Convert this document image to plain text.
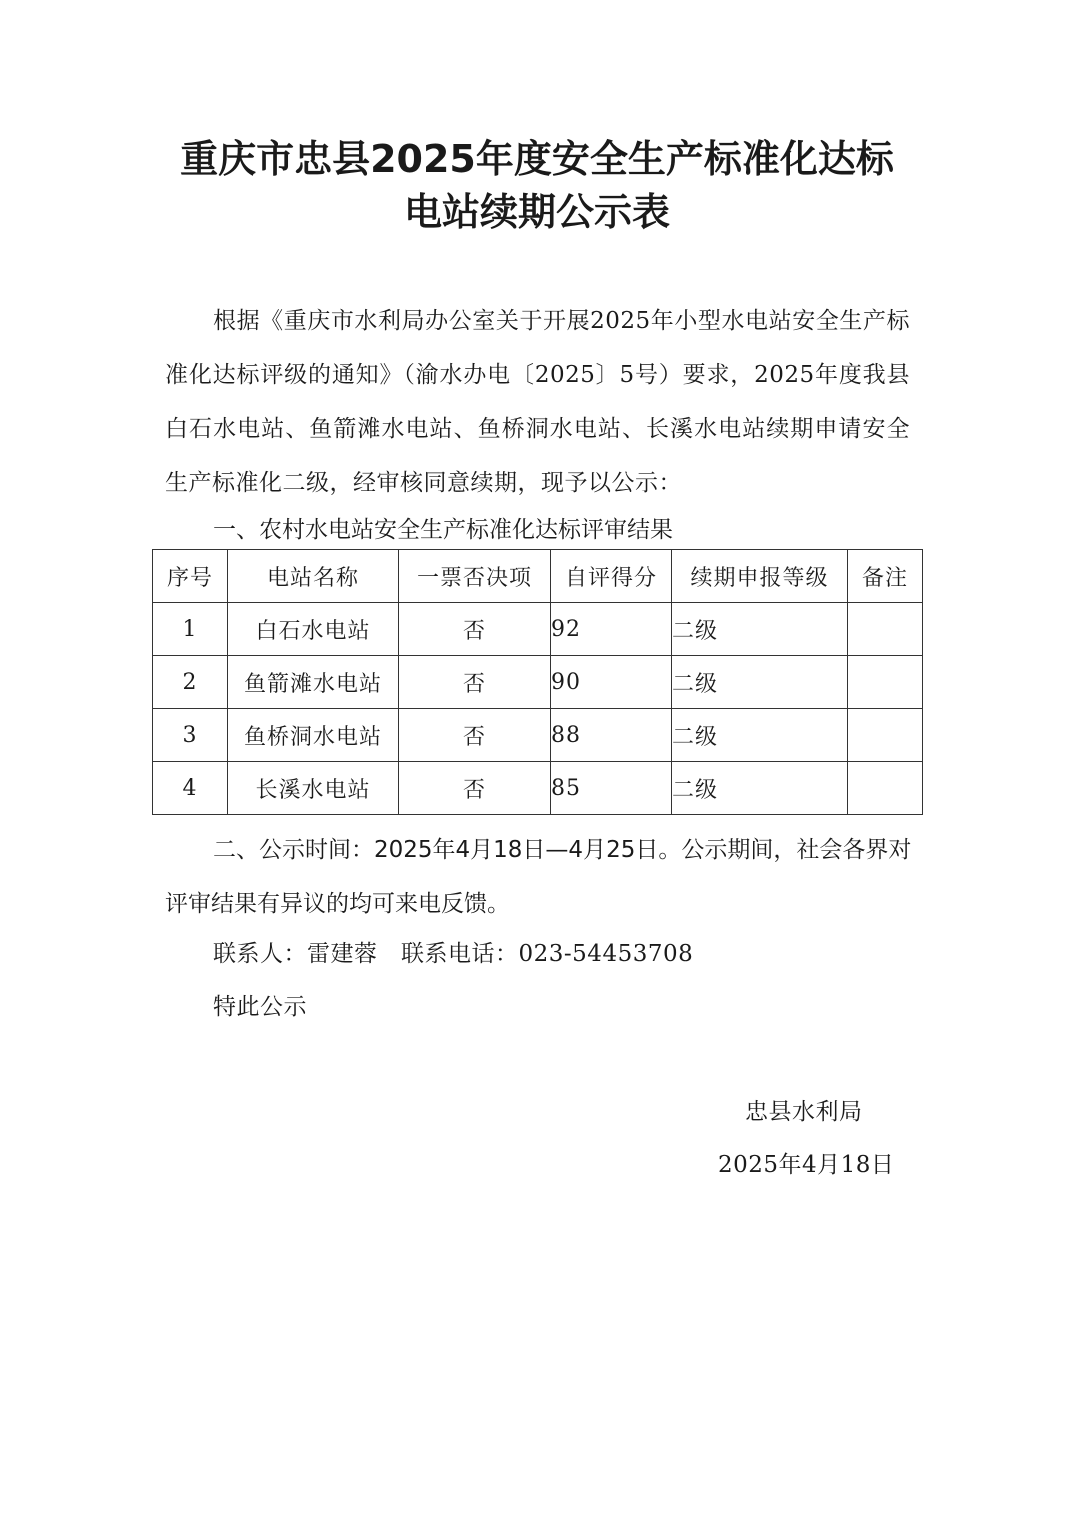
重庆市忠县2025年度安全生产标准化达标
电站续期公示表

根据《重庆市水利局办公室关于开展2025年小型水电站安全生产标准化达标评级的通知》（渝水办电〔2025〕5号）要求，2025年度我县白石水电站、鱼箭滩水电站、鱼桥洞水电站、长溪水电站续期申请安全生产标准化二级，经审核同意续期，现予以公示：

一、农村水电站安全生产标准化达标评审结果

序号	电站名称	一票否决项	自评得分	续期申报等级	备注
1	白石水电站	否	92	二级	
2	鱼箭滩水电站	否	90	二级	
3	鱼桥洞水电站	否	88	二级	
4	长溪水电站	否	85	二级	

二、公示时间：2025年4月18日—4月25日。公示期间，社会各界对评审结果有异议的均可来电反馈。

联系人：雷建蓉　联系电话：023-54453708

特此公示

忠县水利局

2025年4月18日
